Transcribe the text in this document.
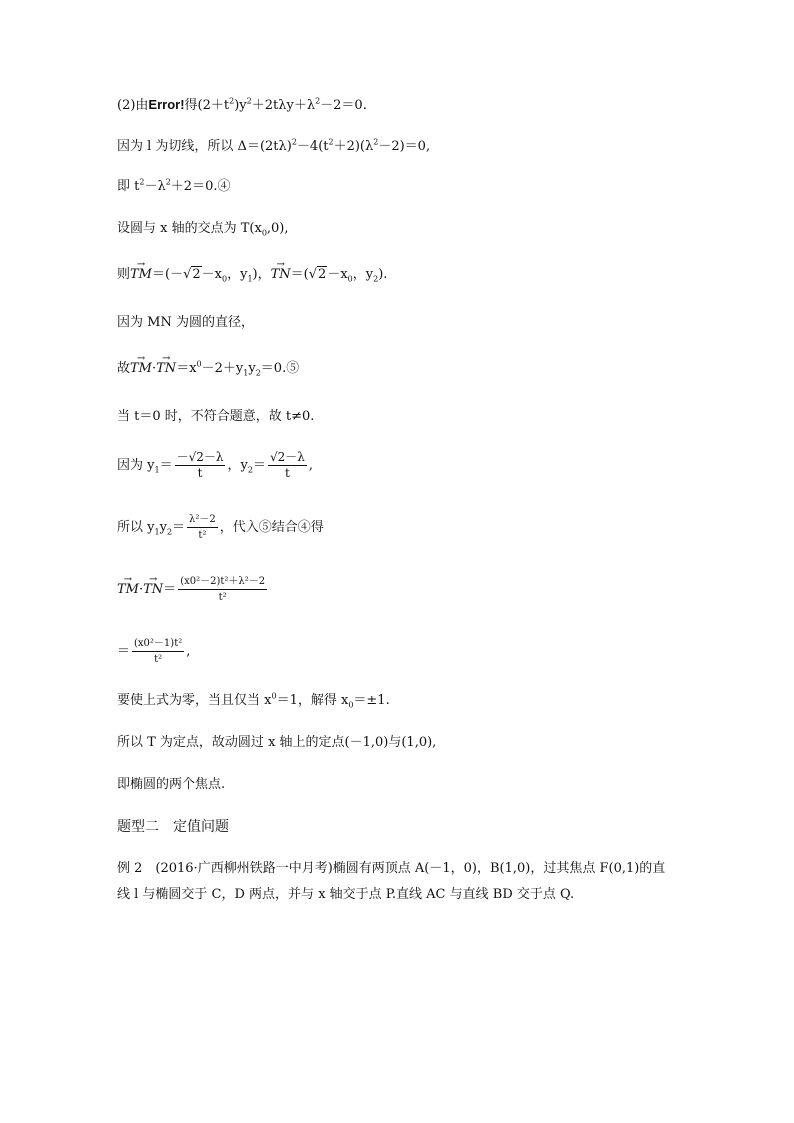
(2)由Error!得$(2+t^2)y^2+2t\lambda y+\lambda^2-2=0$.
因为 l 为切线，所以 $\Delta=(2t\lambda)^2-4(t^2+2)(\lambda^2-2)=0$,
即 $t^2-\lambda^2+2=0.④$
设圆与 x 轴的交点为 $T(x_0,0)$,
则→ $TM=(-√2-x_0$，$y_1$)，→ $TN=(√2-x_0$，$y_2$).
因为 MN 为圆的直径，
故→ $TM\cdot\to TN=x^0-2+y_1y_2=0.⑤$
当 t＝0 时，不符合题意，故 t≠0.
因为 $y_1= \frac{-√2-\lambda}{t}$ ，$y_2= \frac{√2-\lambda}{t}$ ,
所以 $y_1y_2= \frac{\text{λ²－2}}{\text{t²}}$ ，代入⑤结合④得
→ $TM\cdot\to TN= \frac{\text{(x0²－2)t²＋λ²－2}}{\text{t²}}$
＝ $\frac{\text{(x0²－1)t²}}{\text{t²}}$ ,
要使上式为零，当且仅当 $x^0=1$，解得 $x_0=\pm 1$.
所以 T 为定点，故动圆过 x 轴上的定点(－1,0)与(1,0),
即椭圆的两个焦点.
题型二　定值问题
例 2　(2016·广西柳州铁路一中月考)椭圆有两顶点 A(－1，0)，B(1,0)，过其焦点 F(0,1)的直
线 l 与椭圆交于 C，D 两点，并与 x 轴交于点 P.直线 AC 与直线 BD 交于点 Q.
